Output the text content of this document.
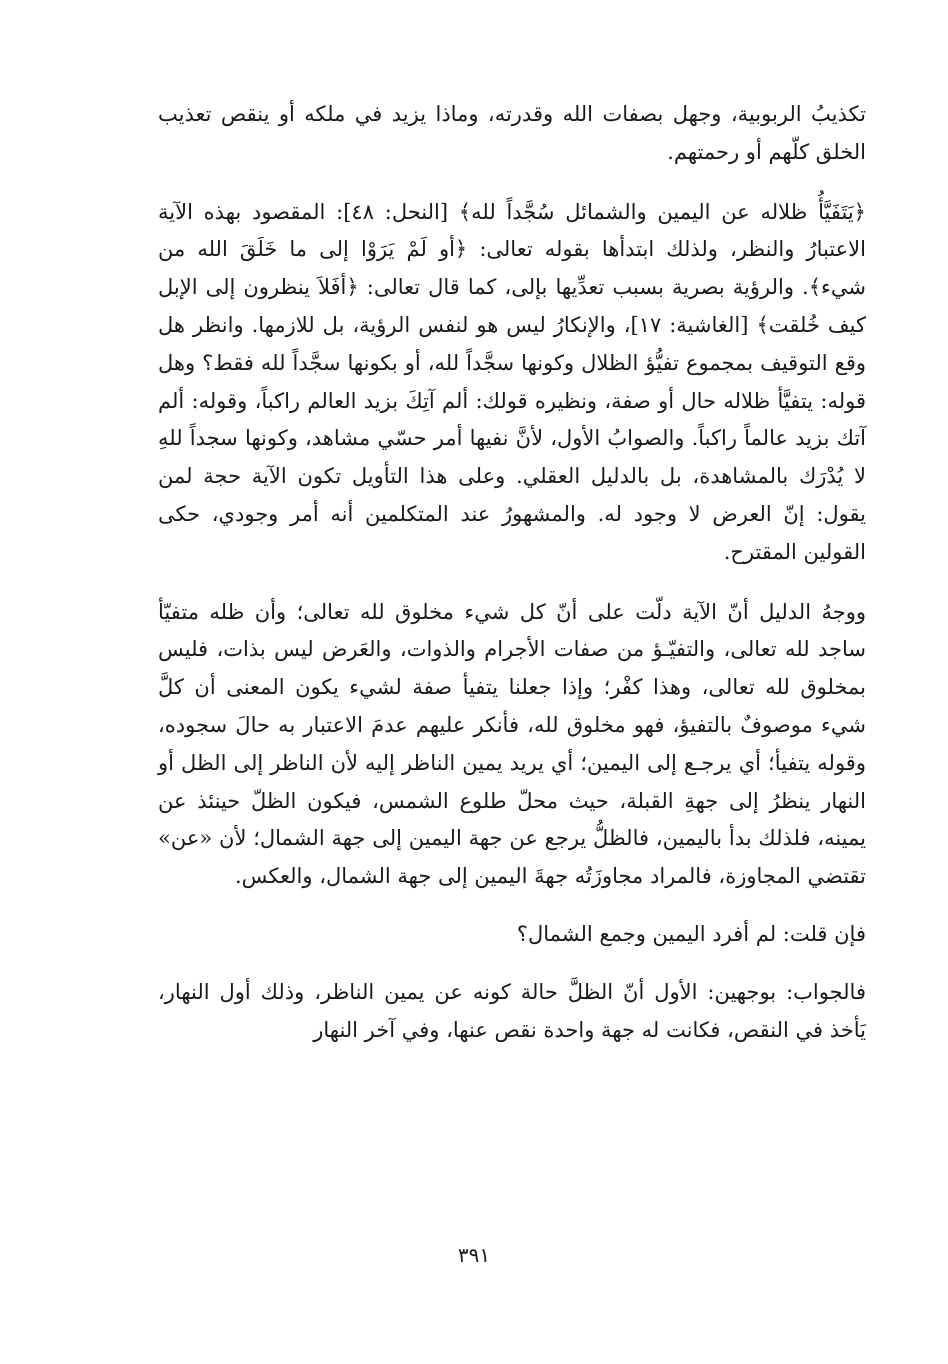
تكذيبُ الربوبية، وجهل بصفات الله وقدرته، وماذا يزيد في ملكه أو ينقص تعذيب الخلق كلّهم أو رحمتهم.

﴿يَتَفَيَّأُ ظلاله عن اليمين والشمائل سُجَّداً لله﴾ [النحل: ٤٨]: المقصود بهذه الآية الاعتبارُ والنظر، ولذلك ابتدأها بقوله تعالى: ﴿أو لَمْ يَرَوْا إلى ما خَلَقَ الله من شيء﴾. والرؤية بصرية بسبب تعدِّيها بإلى، كما قال تعالى: ﴿أفَلاَ ينظرون إلى الإبل كيف خُلقت﴾ [الغاشية: ١٧]، والإنكارُ ليس هو لنفس الرؤية، بل للازمها. وانظر هل وقع التوقيف بمجموع تفيُّؤ الظلال وكونها سجَّداً لله، أو بكونها سجَّداً لله فقط؟ وهل قوله: يتفيَّأ ظلاله حال أو صفة، ونظيره قولك: ألم آتِكَ بزيد العالم راكباً، وقوله: ألم آتك بزيد عالماً راكباً. والصوابُ الأول، لأنَّ نفيها أمر حسّي مشاهد، وكونها سجداً للهِ لا يُدْرَك بالمشاهدة، بل بالدليل العقلي. وعلى هذا التأويل تكون الآية حجة لمن يقول: إنّ العرض لا وجود له. والمشهورُ عند المتكلمين أنه أمر وجودي، حكى القولين المقترح.

ووجهُ الدليل أنّ الآية دلّت على أنّ كل شيء مخلوق لله تعالى؛ وأن ظله متفيّأ ساجد لله تعالى، والتفيّـؤ من صفات الأجرام والذوات، والعَرض ليس بذات، فليس بمخلوق لله تعالى، وهذا كفْر؛ وإذا جعلنا يتفيأ صفة لشيء يكون المعنى أن كلَّ شيء موصوفٌ بالتفيؤ، فهو مخلوق لله، فأنكر عليهم عدمَ الاعتبار به حالَ سجوده، وقوله يتفيأ؛ أي يرجـع إلى اليمين؛ أي يريد يمين الناظر إليه لأن الناظر إلى الظل أو النهار ينظرُ إلى جهةِ القبلة، حيث محلّ طلوع الشمس، فيكون الظلّ حينئذ عن يمينه، فلذلك بدأ باليمين، فالظلُّ يرجع عن جهة اليمين إلى جهة الشمال؛ لأن «عن» تقتضي المجاوزة، فالمراد مجاوزَتُه جهةَ اليمين إلى جهة الشمال، والعكس.

فإن قلت: لم أفرد اليمين وجمع الشمال؟

فالجواب: بوجهين: الأول أنّ الظلَّ حالة كونه عن يمين الناظر، وذلك أول النهار، يَأخذ في النقص، فكانت له جهة واحدة نقص عنها، وفي آخر النهار

٣٩١
